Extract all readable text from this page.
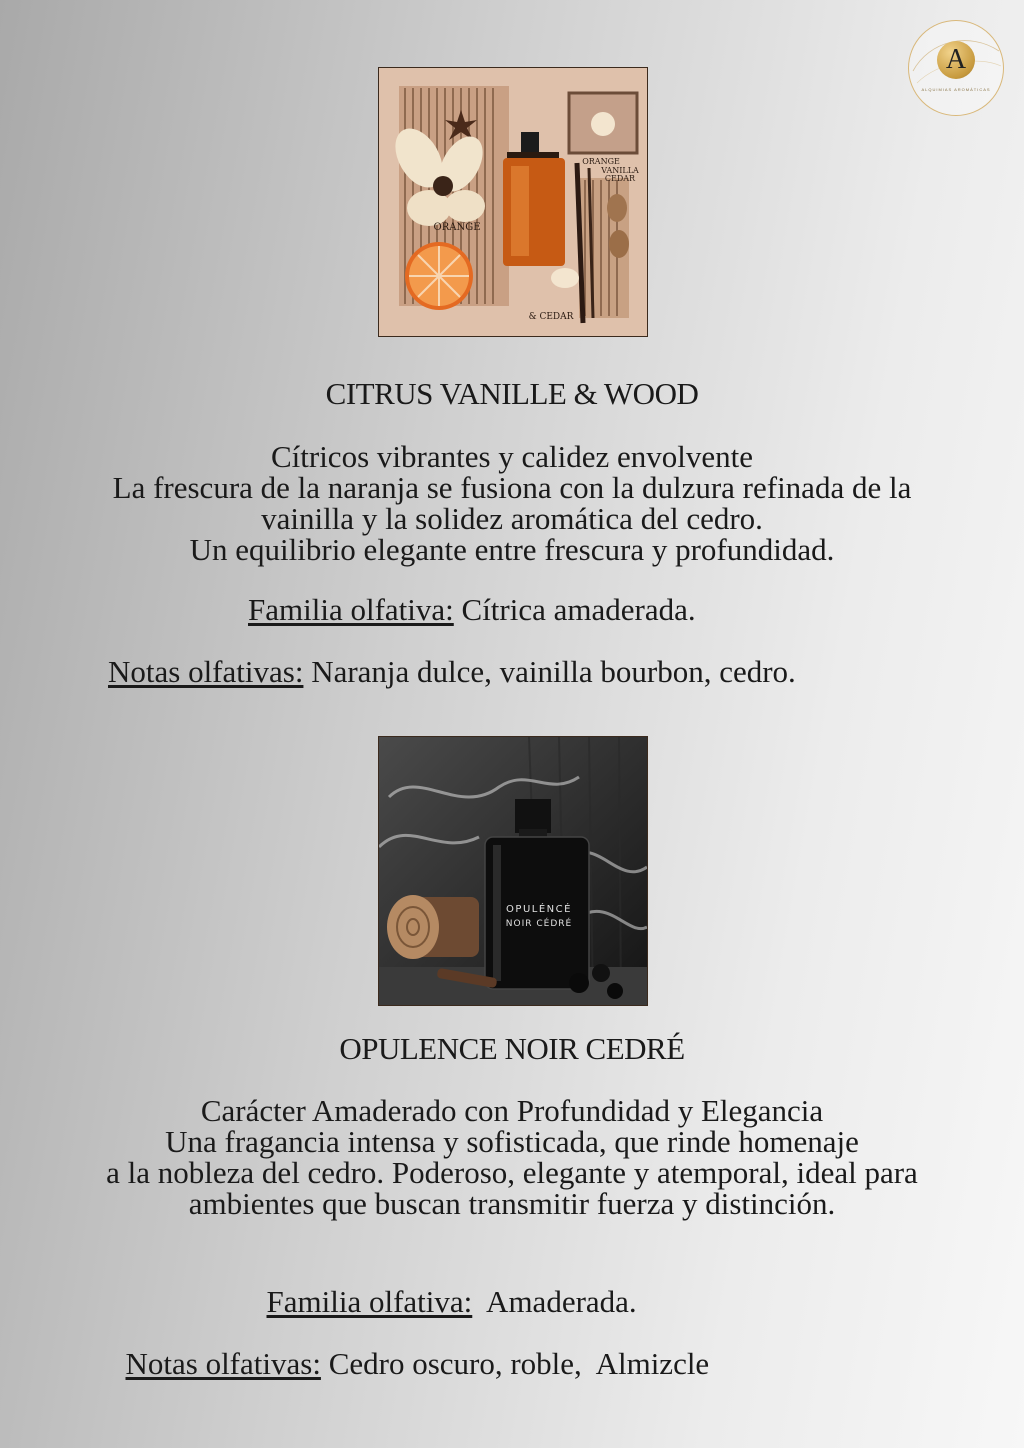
A
ALQUIMIAS AROMÁTICAS
ORANGE
VANILLA
CEDAR
ORANGE
& CEDAR
CITRUS VANILLE & WOOD
Cítricos vibrantes y calidez envolvente
La frescura de la naranja se fusiona con la dulzura refinada de la
vainilla y la solidez aromática del cedro.
Un equilibrio elegante entre frescura y profundidad.
Familia olfativa: Cítrica amaderada.
Notas olfativas: Naranja dulce, vainilla bourbon, cedro.
OPULÉNCÉ
NOIR CÉDRÉ
OPULENCE NOIR CEDRÉ
Carácter Amaderado con Profundidad y Elegancia
Una fragancia intensa y sofisticada, que rinde homenaje
a la nobleza del cedro. Poderoso, elegante y atemporal, ideal para
ambientes que buscan transmitir fuerza y distinción.

Familia olfativa:  Amaderada.

Notas olfativas: Cedro oscuro, roble,  Almizcle
